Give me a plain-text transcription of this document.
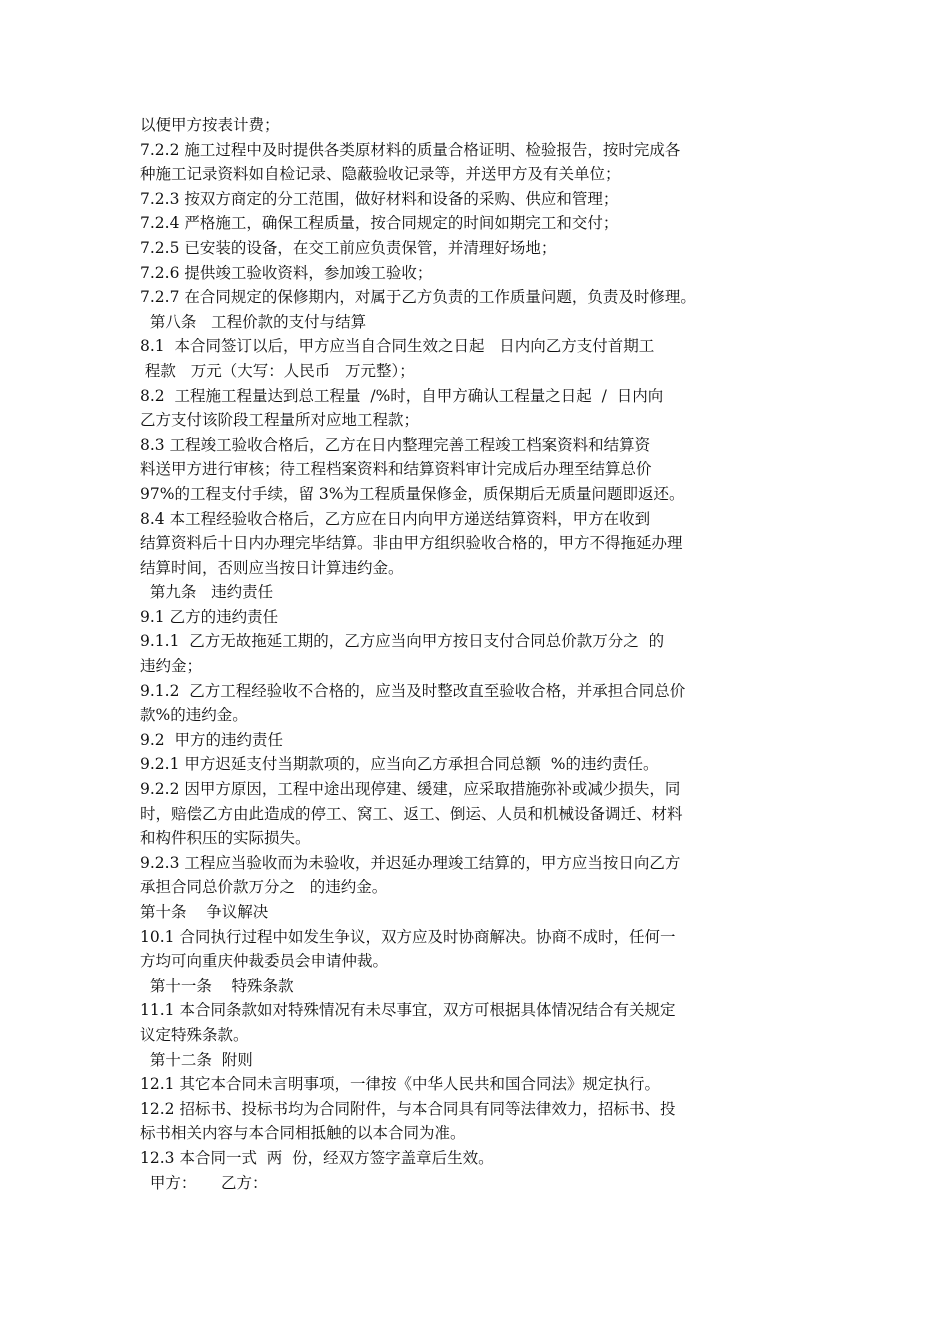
以便甲方按表计费；
7.2.2 施工过程中及时提供各类原材料的质量合格证明、检验报告，按时完成各
种施工记录资料如自检记录、隐蔽验收记录等，并送甲方及有关单位；
7.2.3 按双方商定的分工范围，做好材料和设备的采购、供应和管理；
7.2.4 严格施工，确保工程质量，按合同规定的时间如期完工和交付；
7.2.5 已安装的设备，在交工前应负责保管，并清理好场地；
7.2.6 提供竣工验收资料，参加竣工验收；
7.2.7 在合同规定的保修期内，对属于乙方负责的工作质量问题，负责及时修理。
第八条   工程价款的支付与结算
8.1  本合同签订以后，甲方应当自合同生效之日起   日内向乙方支付首期工
程款   万元（大写：人民币   万元整）；
8.2  工程施工程量达到总工程量  /%时，自甲方确认工程量之日起  /  日内向
乙方支付该阶段工程量所对应地工程款；
8.3 工程竣工验收合格后，乙方在日内整理完善工程竣工档案资料和结算资
料送甲方进行审核；待工程档案资料和结算资料审计完成后办理至结算总价
97%的工程支付手续，留 3%为工程质量保修金，质保期后无质量问题即返还。
8.4 本工程经验收合格后，乙方应在日内向甲方递送结算资料，甲方在收到
结算资料后十日内办理完毕结算。非由甲方组织验收合格的，甲方不得拖延办理
结算时间，否则应当按日计算违约金。
第九条   违约责任
9.1 乙方的违约责任
9.1.1  乙方无故拖延工期的，乙方应当向甲方按日支付合同总价款万分之  的
违约金；
9.1.2  乙方工程经验收不合格的，应当及时整改直至验收合格，并承担合同总价
款%的违约金。
9.2  甲方的违约责任
9.2.1 甲方迟延支付当期款项的，应当向乙方承担合同总额  %的违约责任。
9.2.2 因甲方原因，工程中途出现停建、缓建，应采取措施弥补或减少损失，同
时，赔偿乙方由此造成的停工、窝工、返工、倒运、人员和机械设备调迁、材料
和构件积压的实际损失。
9.2.3 工程应当验收而为未验收，并迟延办理竣工结算的，甲方应当按日向乙方
承担合同总价款万分之   的违约金。
第十条    争议解决
10.1 合同执行过程中如发生争议，双方应及时协商解决。协商不成时，任何一
方均可向重庆仲裁委员会申请仲裁。
第十一条    特殊条款
11.1 本合同条款如对特殊情况有未尽事宜，双方可根据具体情况结合有关规定
议定特殊条款。
第十二条  附则
12.1 其它本合同未言明事项，一律按《中华人民共和国合同法》规定执行。
12.2 招标书、投标书均为合同附件，与本合同具有同等法律效力，招标书、投
标书相关内容与本合同相抵触的以本合同为准。
12.3 本合同一式  两  份，经双方签字盖章后生效。
甲方：     乙方：
